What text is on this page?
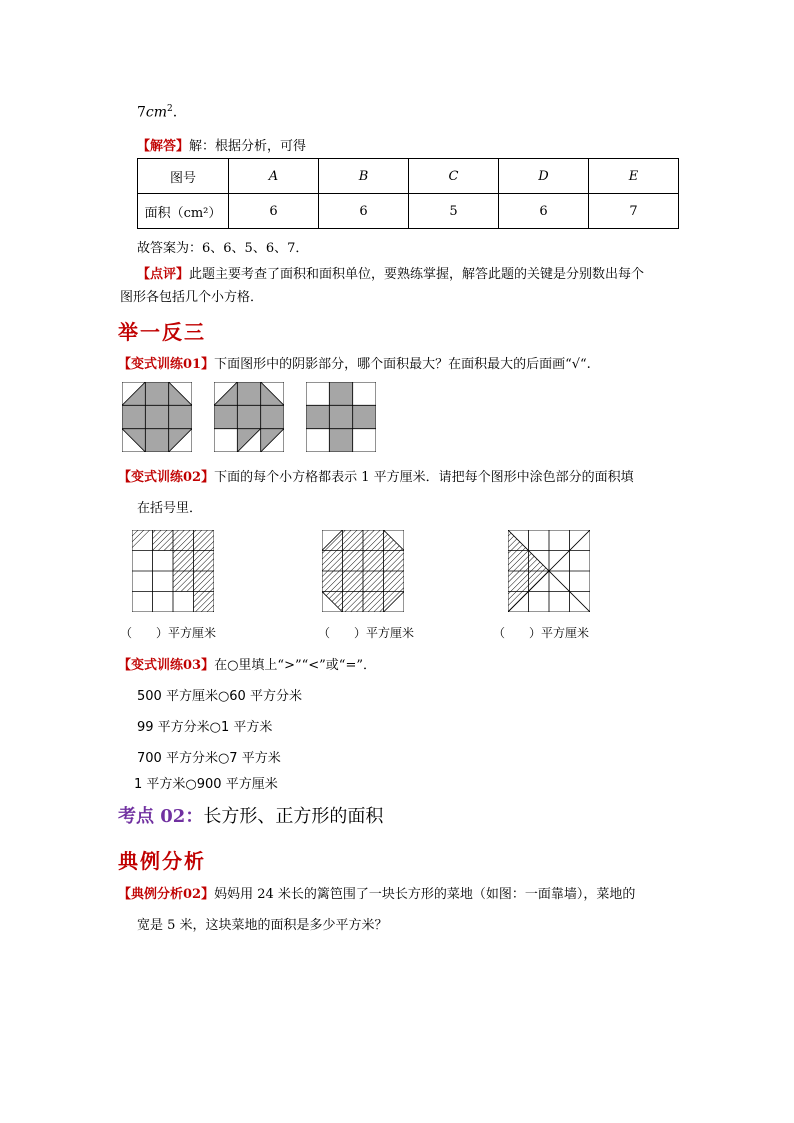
$7cm^2$.
【解答】解：根据分析，可得
图号	A	B	C	D	E
面积（cm²）	6	6	5	6	7
故答案为：6、6、5、6、7．
【点评】此题主要考查了面积和面积单位，要熟练掌握，解答此题的关键是分别数出每个
图形各包括几个小方格．
举一反三
【变式训练01】下面图形中的阴影部分，哪个面积最大？在面积最大的后面画“√“.
【变式训练02】下面的每个小方格都表示 1 平方厘米．请把每个图形中涂色部分的面积填
在括号里．
（　　）平方厘米	（　　）平方厘米	（　　）平方厘米
【变式训练03】在○里填上“>”“<”或“=”．
500 平方厘米○60 平方分米
99 平方分米○1 平方米
700 平方分米○7 平方米
1 平方米○900 平方厘米
考点 02：长方形、正方形的面积
典例分析
【典例分析02】妈妈用 24 米长的篱笆围了一块长方形的菜地（如图：一面靠墙），菜地的
宽是 5 米，这块菜地的面积是多少平方米？
